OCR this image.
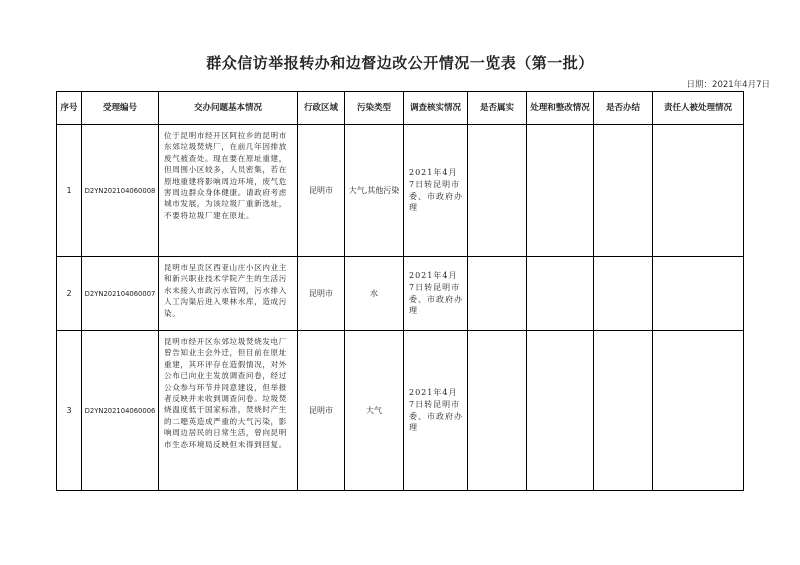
群众信访举报转办和边督边改公开情况一览表（第一批）
日期：2021年4月7日
序号	受理编号	交办问题基本情况	行政区域	污染类型	调查核实情况	是否属实	处理和整改情况	是否办结	责任人被处理情况
1	D2YN202104060008	位于昆明市经开区阿拉乡的昆明市东郊垃圾焚烧厂，在前几年因排放废气被查处。现在要在原址重建，但周围小区较多，人员密集，若在原地重建将影响周边环境，废气危害周边群众身体健康。请政府考虑城市发展，为该垃圾厂重新选址，不要将垃圾厂建在原址。	昆明市	大气,其他污染	2021年4月7日转昆明市委、市政府办理				
2	D2YN202104060007	昆明市呈贡区西亚山庄小区内业主和新兴职业技术学院产生的生活污水未接入市政污水管网，污水排入人工沟渠后进入果林水库，造成污染。	昆明市	水	2021年4月7日转昆明市委、市政府办理				
3	D2YN202104060006	昆明市经开区东郊垃圾焚烧发电厂曾告知业主会外迁，但目前在原址重建，其环评存在造假情况，对外公布已向业主发放调查问卷，经过公众参与环节并同意建设，但举报者反映并未收到调查问卷。垃圾焚烧温度低于国家标准，焚烧时产生的二噁英造成严重的大气污染，影响周边居民的日常生活，曾向昆明市生态环境局反映但未得到回复。	昆明市	大气	2021年4月7日转昆明市委、市政府办理				
